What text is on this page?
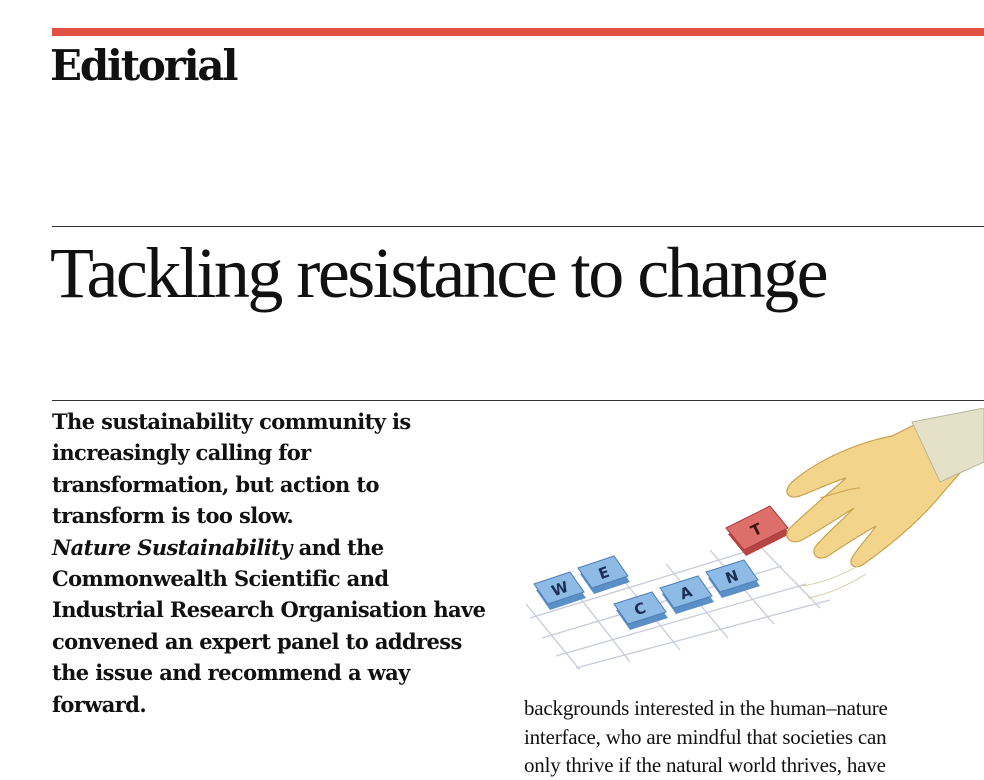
Editorial
Tackling resistance to change

The sustainability community is increasingly calling for transformation, but action to transform is too slow.
Nature Sustainability and the Commonwealth Scientific and Industrial Research Organisation have convened an expert panel to address the issue and recommend a way forward.

W
E
C
A
N
T
backgrounds interested in the human–nature
interface, who are mindful that societies can
only thrive if the natural world thrives, have
